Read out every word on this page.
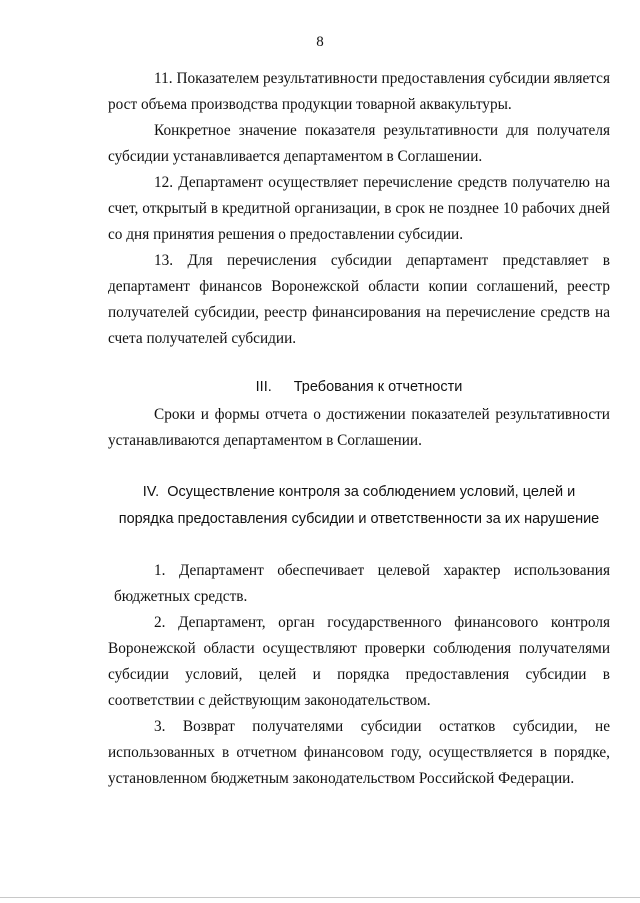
8

11. Показателем результативности предоставления субсидии является рост объема производства продукции товарной аквакультуры.

Конкретное значение показателя результативности для получателя субсидии устанавливается департаментом в Соглашении.

12. Департамент осуществляет перечисление средств получателю на счет, открытый в кредитной организации, в срок не позднее 10 рабочих дней со дня принятия решения о предоставлении субсидии.

13. Для перечисления субсидии департамент представляет в департамент финансов Воронежской области копии соглашений, реестр получателей субсидии, реестр финансирования на перечисление средств на счета получателей субсидии.

III. Требования к отчетности

Сроки и формы отчета о достижении показателей результативности устанавливаются департаментом в Соглашении.

IV. Осуществление контроля за соблюдением условий, целей и
порядка предоставления субсидии и ответственности за их нарушение
1. Департамент обеспечивает целевой характер использования
бюджетных средств.

2. Департамент, орган государственного финансового контроля Воронежской области осуществляют проверки соблюдения получателями субсидии условий, целей и порядка предоставления субсидии в соответствии с действующим законодательством.

3. Возврат получателями субсидии остатков субсидии, не использованных в отчетном финансовом году, осуществляется в порядке, установленном бюджетным законодательством Российской Федерации.
